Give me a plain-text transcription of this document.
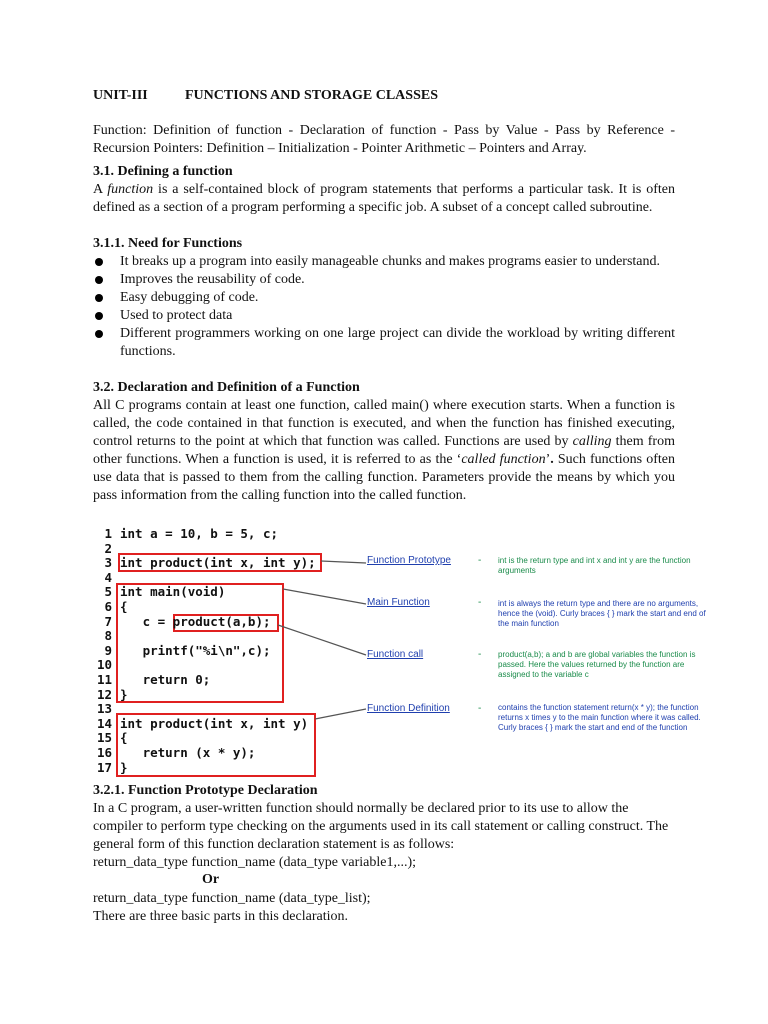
UNIT-III	FUNCTIONS AND STORAGE CLASSES
Function: Definition of function - Declaration of function - Pass by Value - Pass by Reference - Recursion Pointers: Definition – Initialization - Pointer Arithmetic – Pointers and Array.
3.1. Defining a function
A function is a self-contained block of program statements that performs a particular task. It is often defined as a section of a program performing a specific job. A subset of a concept called subroutine.
3.1.1. Need for Functions
It breaks up a program into easily manageable chunks and makes programs easier to understand.
Improves the reusability of code.
Easy debugging of code.
Used to protect data
Different programmers working on one large project can divide the workload by writing different functions.
3.2. Declaration and Definition of a Function
All C programs contain at least one function, called main() where execution starts. When a function is called, the code contained in that function is executed, and when the function has finished executing, control returns to the point at which that function was called. Functions are used by calling them from other functions. When a function is used, it is referred to as the ‘called function’. Such functions often use data that is passed to them from the calling function. Parameters provide the means by which you pass information from the calling function into the called function.
1 int a = 10, b = 5, c;
2
3 int product(int x, int y);
4
5 int main(void)
6 {
7 c = product(a,b);
8
9 printf("%i\n",c);
10
11 return 0;
12 }
13
14 int product(int x, int y)
15 {
16 return (x * y);
17 }
Function Prototype	- int is the return type and int x and int y are the function arguments
Main Function	- int is always the return type and there are no arguments, hence the (void). Curly braces { } mark the start and end of the main function
Function call	- product(a,b); a and b are global variables the function is passed. Here the values returned by the function are assigned to the variable c
Function Definition	- contains the function statement return(x * y); the function returns x times y to the main function where it was called. Curly braces { } mark the start and end of the function
3.2.1. Function Prototype Declaration
In a C program, a user-written function should normally be declared prior to its use to allow the compiler to perform type checking on the arguments used in its call statement or calling construct. The general form of this function declaration statement is as follows:
return_data_type function_name (data_type variable1,...);
Or
return_data_type function_name (data_type_list);
There are three basic parts in this declaration.
